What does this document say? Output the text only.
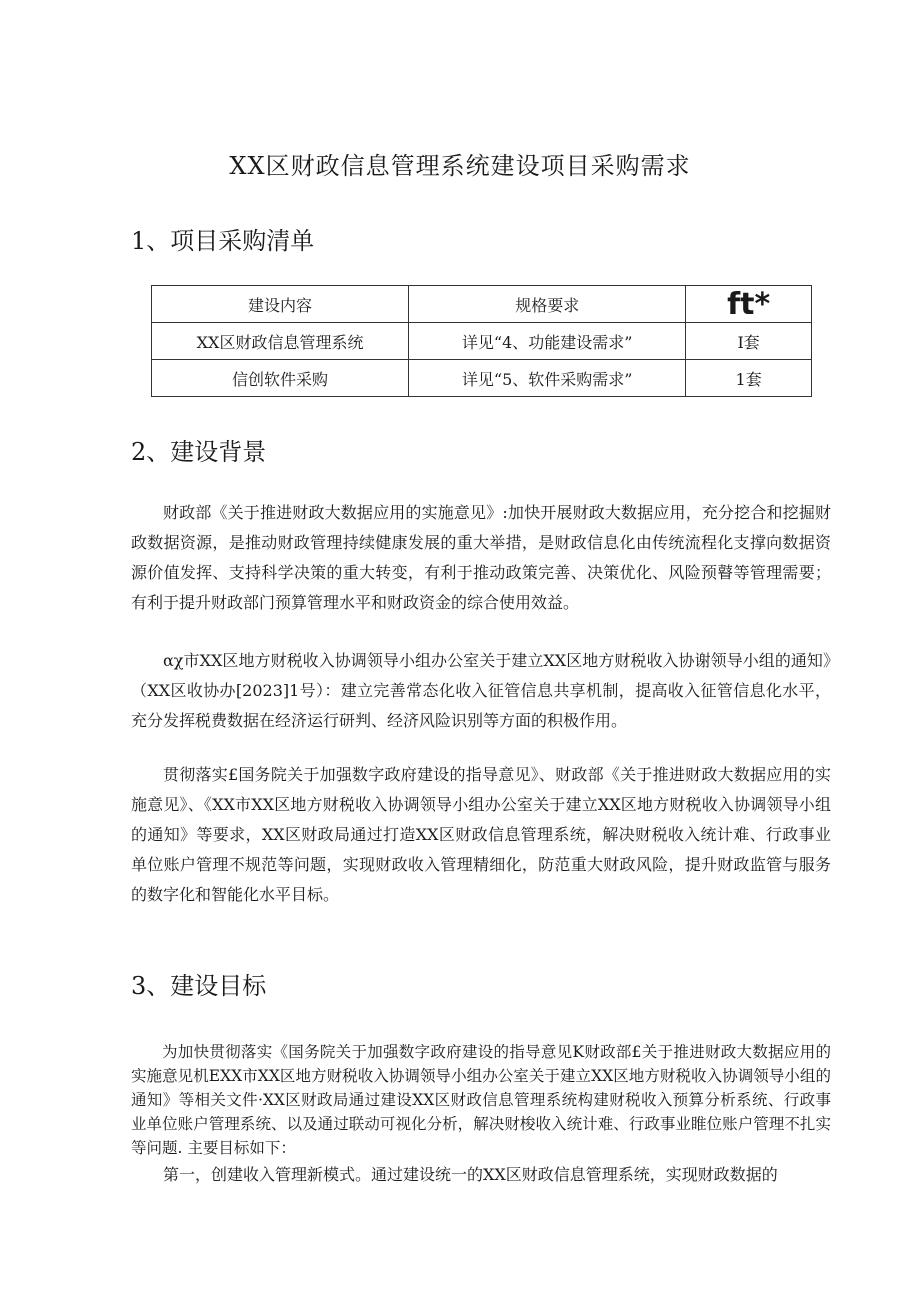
XX区财政信息管理系统建设项目采购需求
1、项目采购清单
建设内容	规格要求	ft*
XX区财政信息管理系统	详见“4、功能建设需求”	I套
信创软件采购	详见“5、软件采购需求”	1套
2、建设背景

财政部《关于推进财政大数据应用的实施意见》:加快开展财政大数据应用，充分挖合和挖掘财政数据资源，是推动财政管理持续健康发展的重大举措，是财政信息化由传统流程化支撑向数据资源价值发挥、支持科学决策的重大转变，有利于推动政策完善、决策优化、风险预瞽等管理需要；有利于提升财政部门预算管理水平和财政资金的综合使用效益。

αχ市XX区地方财税收入协调领导小组办公室关于建立XX区地方财税收入协谢领导小组的通知》（XX区收协办[2023]1号）：建立完善常态化收入征管信息共享机制，提高收入征管信息化水平，充分发挥税费数据在经济运行研判、经济风险识别等方面的积极作用。

贯彻落实£国务院关于加强数字政府建设的指导意见》、财政部《关于推进财政大数据应用的实施意见》、《XX市XX区地方财税收入协调领导小组办公室关于建立XX区地方财税收入协调领导小组的通知》等要求，XX区财政局通过打造XX区财政信息管理系统，解决财税收入统计难、行政事业单位账户管理不规范等问题，实现财政收入管理精细化，防范重大财政风险，提升财政监管与服务的数字化和智能化水平目标。

3、建设目标

为加快贯彻落实《国务院关于加强数字政府建设的指导意见K财政部£关于推进财政大数据应用的实施意见机EXX市XX区地方财税收入协调领导小组办公室关于建立XX区地方财税收入协调领导小组的通知》等相关文件·XX区财政局通过建设XX区财政信息管理系统构建财税收入预算分析系统、行政事业单位账户管理系统、以及通过联动可视化分析，解决财梭收入统计难、行政事业睢位账户管理不扎实等问题. 主要目标如下：

第一，创建收入管理新模式。通过建设统一的XX区财政信息管理系统，实现财政数据的
